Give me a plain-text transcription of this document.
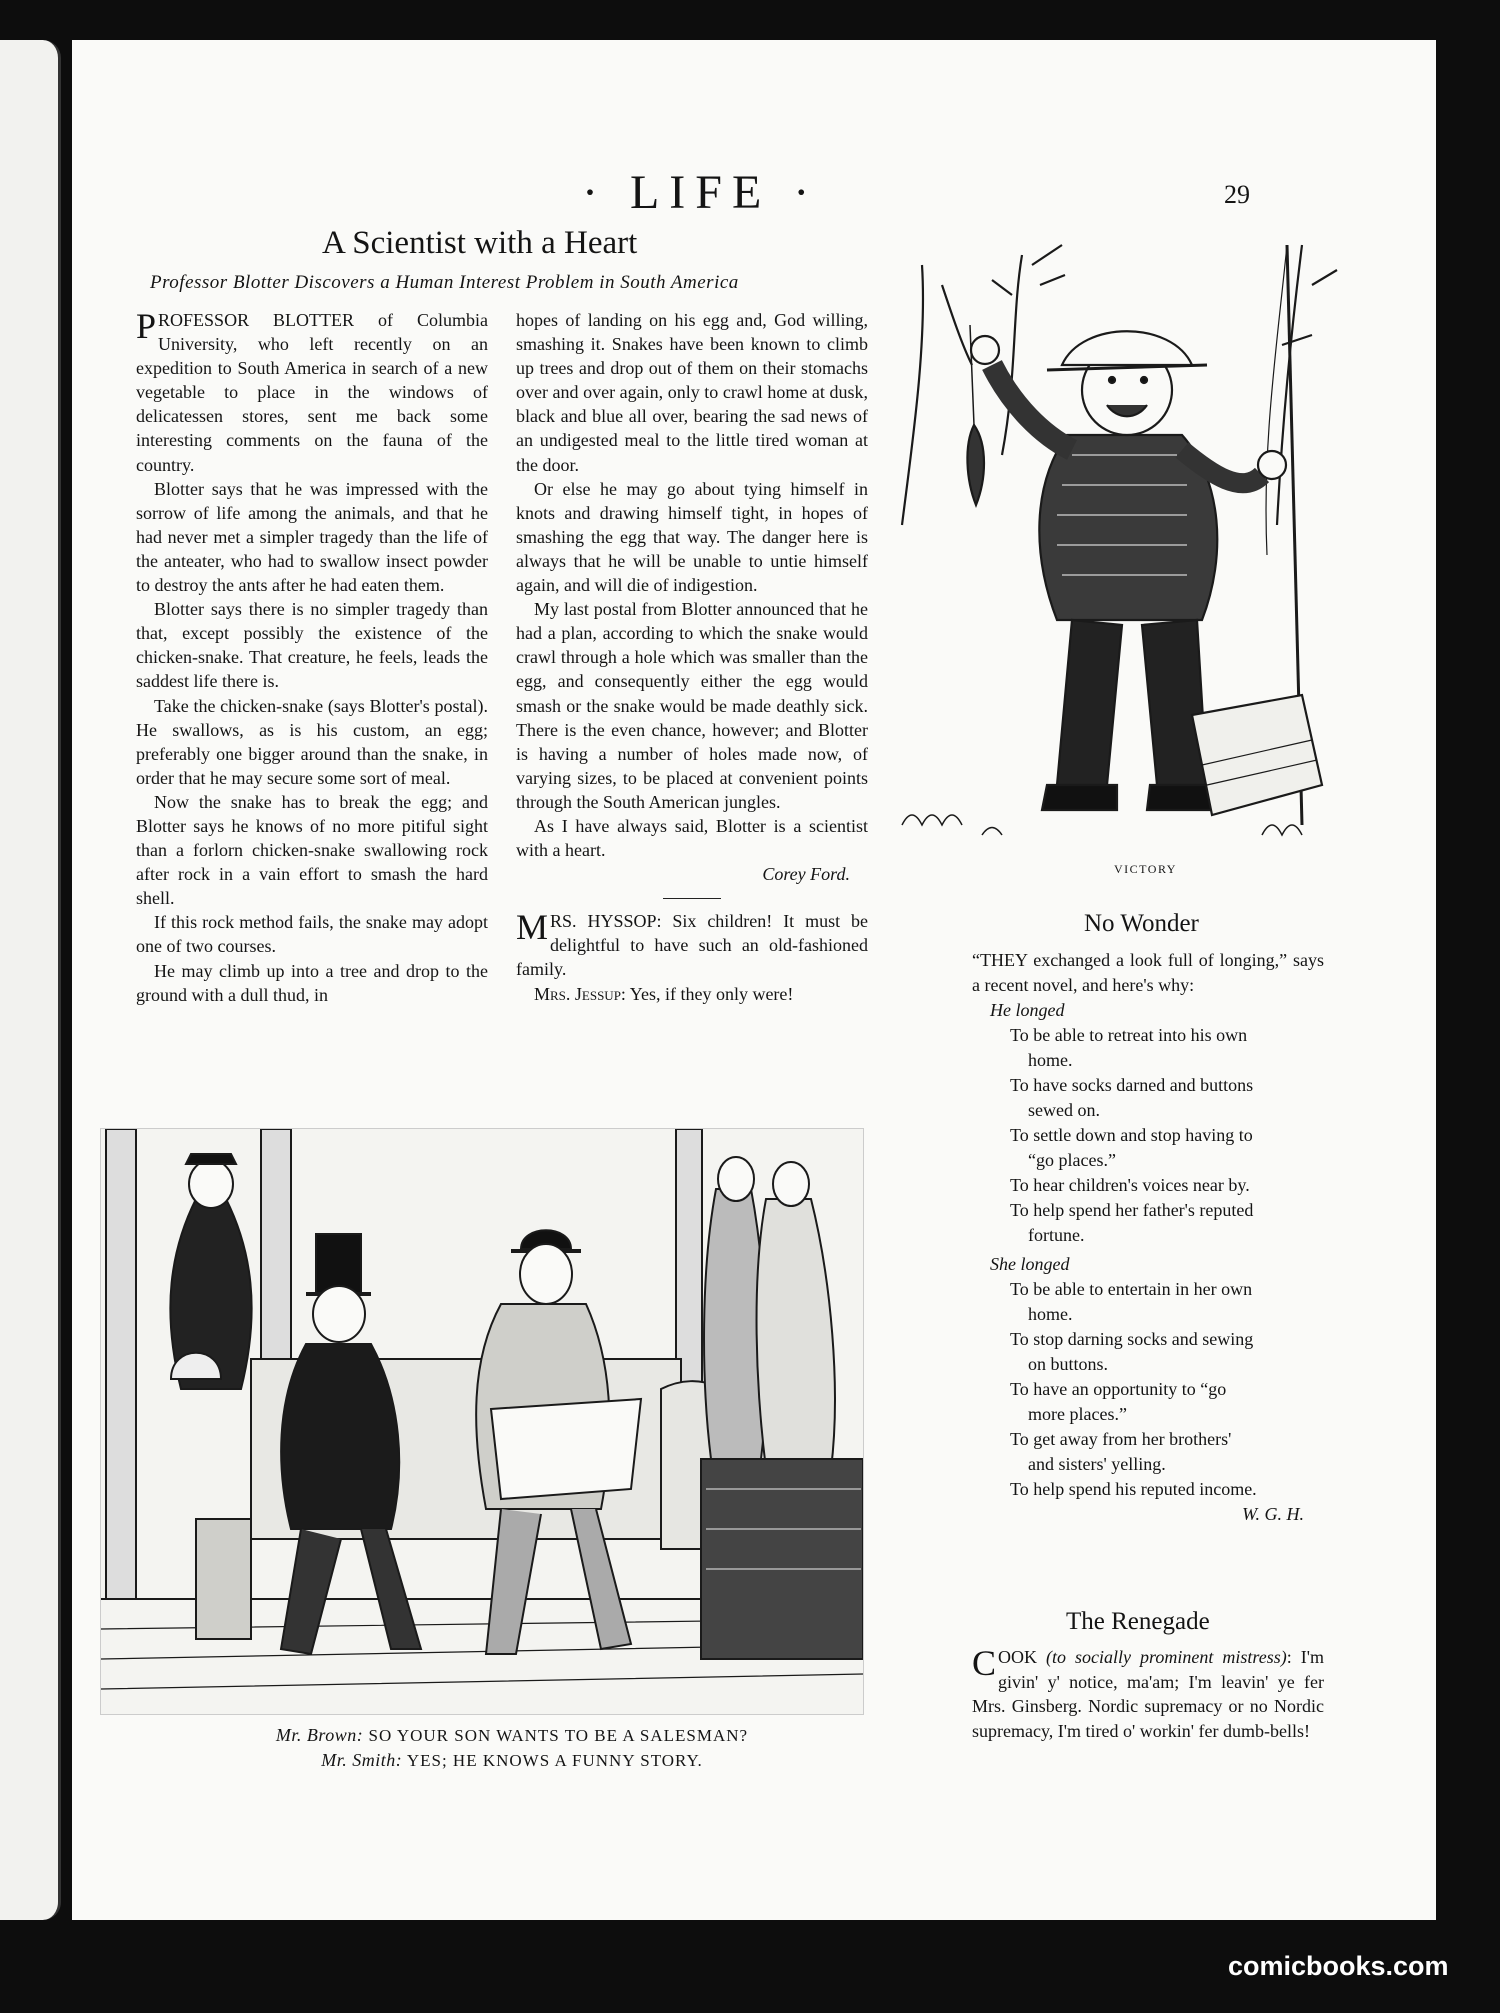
· LIFE ·	29
A Scientist with a Heart
Professor Blotter Discovers a Human Interest Problem in South America

PROFESSOR BLOTTER of Columbia University, who left recently on an expedition to South America in search of a new vegetable to place in the windows of delicatessen stores, sent me back some interesting comments on the fauna of the country.

Blotter says that he was impressed with the sorrow of life among the animals, and that he had never met a simpler tragedy than the life of the anteater, who had to swallow insect powder to destroy the ants after he had eaten them.

Blotter says there is no simpler tragedy than that, except possibly the existence of the chicken-snake. That creature, he feels, leads the saddest life there is.

Take the chicken-snake (says Blotter's postal). He swallows, as is his custom, an egg; preferably one bigger around than the snake, in order that he may secure some sort of meal.

Now the snake has to break the egg; and Blotter says he knows of no more pitiful sight than a forlorn chicken-snake swallowing rock after rock in a vain effort to smash the hard shell.

If this rock method fails, the snake may adopt one of two courses.

He may climb up into a tree and drop to the ground with a dull thud, in

hopes of landing on his egg and, God willing, smashing it. Snakes have been known to climb up trees and drop out of them on their stomachs over and over again, only to crawl home at dusk, black and blue all over, bearing the sad news of an undigested meal to the little tired woman at the door.

Or else he may go about tying himself in knots and drawing himself tight, in hopes of smashing the egg that way. The danger here is always that he will be unable to untie himself again, and will die of indigestion.

My last postal from Blotter announced that he had a plan, according to which the snake would crawl through a hole which was smaller than the egg, and consequently either the egg would smash or the snake would be made deathly sick. There is the even chance, however; and Blotter is having a number of holes made now, of varying sizes, to be placed at convenient points through the South American jungles.

As I have always said, Blotter is a scientist with a heart.

Corey Ford.

MRS. HYSSOP: Six children! It must be delightful to have such an old-fashioned family.

Mrs. Jessup: Yes, if they only were!

VICTORY
Mr. Brown: SO YOUR SON WANTS TO BE A SALESMAN?
Mr. Smith: YES; HE KNOWS A FUNNY STORY.
No Wonder
“THEY exchanged a look full of longing,” says a recent novel, and here's why:
He longed
To be able to retreat into his own
home.
To have socks darned and buttons
sewed on.
To settle down and stop having to
“go places.”
To hear children's voices near by.
To help spend her father's reputed
fortune.
She longed
To be able to entertain in her own
home.
To stop darning socks and sewing
on buttons.
To have an opportunity to “go
more places.”
To get away from her brothers'
and sisters' yelling.
To help spend his reputed income.
W. G. H.
The Renegade
COOK (to socially prominent mistress): I'm givin' y' notice, ma'am; I'm leavin' ye fer Mrs. Ginsberg. Nordic supremacy or no Nordic supremacy, I'm tired o' workin' fer dumb-bells!
comicbooks.com
